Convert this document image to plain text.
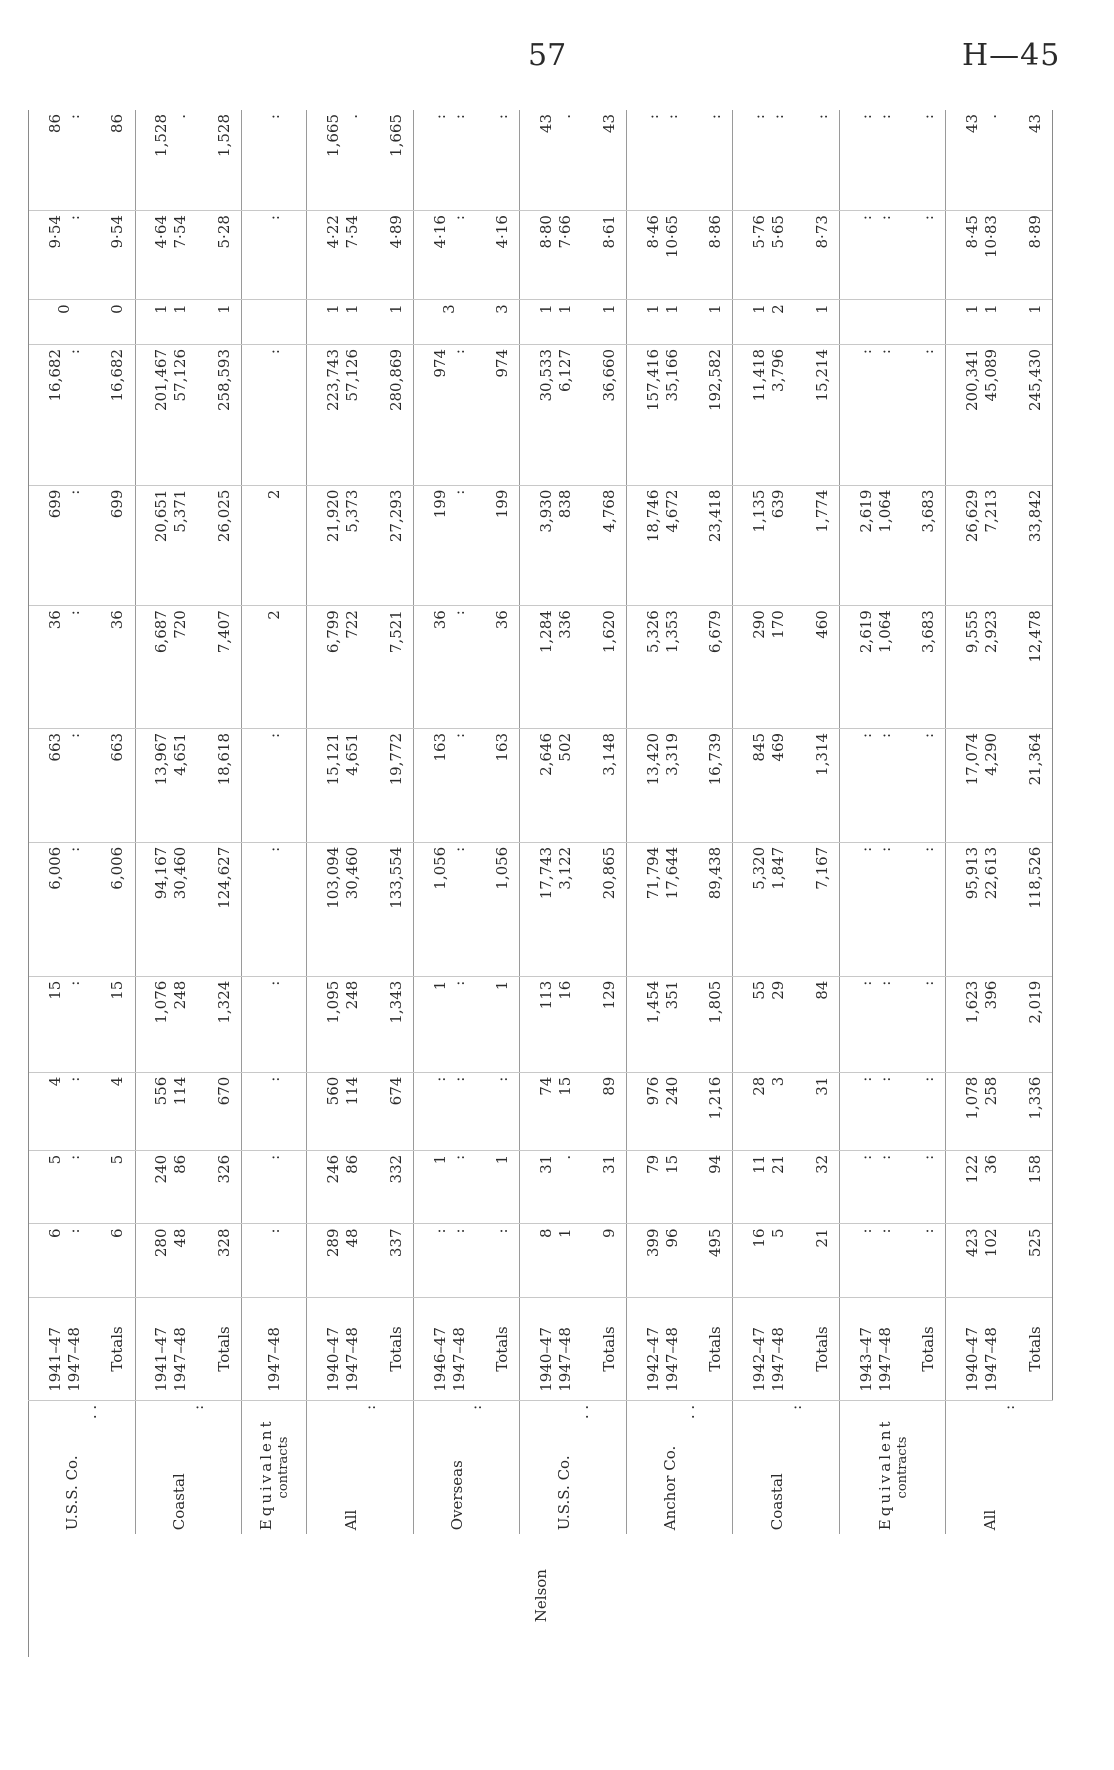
57	H—45
Nelson	U.S.S. Co.
. .	1941–47 1947–48	6 :	5 :	4 :	15 :	6,006 :	663 :	36 :	699 :	16,682 :	0	9·54 :	86 :

		Totals	6	5	4	15	6,006	663	36	699	16,682	0	9·54	86

	Coastal
:	1941–47 1947–48	280 48	240 86	556 114	1,076 248	94,167 30,460	13,967 4,651	6,687 720	20,651 5,371	201,467 57,126	1 1	4·64 7·54	1,528 .

		Totals	328	326	670	1,324	124,627	18,618	7,407	26,025	258,593	1	5·28	1,528

	Equivalent contracts	1947–48	:	:	:	:	:	:	2	2	:		:	:

	All
:	1940–47 1947–48	289 48	246 86	560 114	1,095 248	103,094 30,460	15,121 4,651	6,799 722	21,920 5,373	223,743 57,126	1 1	4·22 7·54	1,665 .

		Totals	337	332	674	1,343	133,554	19,772	7,521	27,293	280,869	1	4·89	1,665

	Overseas
:	1946–47 1947–48	: :	1 :	: :	1 :	1,056 :	163 :	36 :	199 :	974 :	3	4·16 :	: :

		Totals	:	1	:	1	1,056	163	36	199	974	3	4·16	:

	U.S.S. Co.
. .	1940–47 1947–48	8 1	31 .	74 15	113 16	17,743 3,122	2,646 502	1,284 336	3,930 838	30,533 6,127	1 1	8·80 7·66	43 .

		Totals	9	31	89	129	20,865	3,148	1,620	4,768	36,660	1	8·61	43

	Anchor Co.
. .	1942–47 1947–48	399 96	79 15	976 240	1,454 351	71,794 17,644	13,420 3,319	5,326 1,353	18,746 4,672	157,416 35,166	1 1	8·46 10·65	: :

		Totals	495	94	1,216	1,805	89,438	16,739	6,679	23,418	192,582	1	8·86	:

	Coastal
:	1942–47 1947–48	16 5	11 21	28 3	55 29	5,320 1,847	845 469	290 170	1,135 639	11,418 3,796	1 2	5·76 5·65	: :

		Totals	21	32	31	84	7,167	1,314	460	1,774	15,214	1	8·73	:

	Equivalent contracts	1943–47 1947–48	: :	: :	: :	: :	: :	: :	2,619 1,064	2,619 1,064	: :		: :	: :

		Totals	:	:	:	:	:	:	3,683	3,683	:		:	:

	All
:	1940–47 1947–48	423 102	122 36	1,078 258	1,623 396	95,913 22,613	17,074 4,290	9,555 2,923	26,629 7,213	200,341 45,089	1 1	8·45 10·83	43 .

		Totals	525	158	1,336	2,019	118,526	21,364	12,478	33,842	245,430	1	8·89	43
